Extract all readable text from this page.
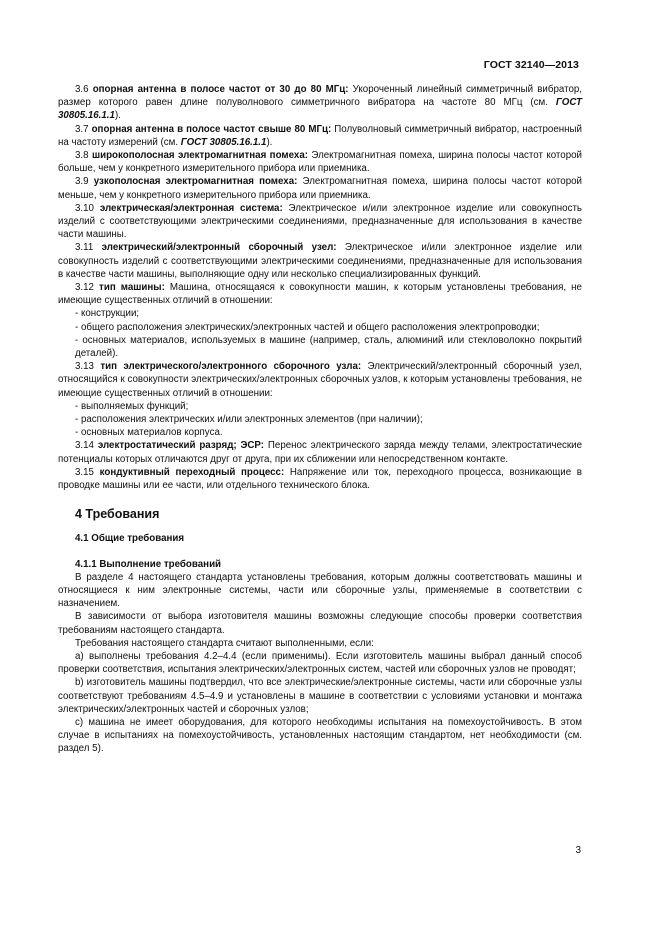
ГОСТ 32140—2013

3.6 опорная антенна в полосе частот от 30 до 80 МГц: Укороченный линейный симметричный вибратор, размер которого равен длине полуволнового симметричного вибратора на частоте 80 МГц (см. ГОСТ 30805.16.1.1).

3.7 опорная антенна в полосе частот свыше 80 МГц: Полуволновый симметричный вибратор, настроенный на частоту измерений (см. ГОСТ 30805.16.1.1).

3.8 широкополосная электромагнитная помеха: Электромагнитная помеха, ширина полосы частот которой больше, чем у конкретного измерительного прибора или приемника.

3.9 узкополосная электромагнитная помеха: Электромагнитная помеха, ширина полосы частот которой меньше, чем у конкретного измерительного прибора или приемника.

3.10 электрическая/электронная система: Электрическое и/или электронное изделие или совокупность изделий с соответствующими электрическими соединениями, предназначенные для использования в качестве части машины.

3.11 электрический/электронный сборочный узел: Электрическое и/или электронное изделие или совокупность изделий с соответствующими электрическими соединениями, предназначенные для использования в качестве части машины, выполняющие одну или несколько специализированных функций.

3.12 тип машины: Машина, относящаяся к совокупности машин, к которым установлены требования, не имеющие существенных отличий в отношении:

- конструкции;

- общего расположения электрических/электронных частей и общего расположения электропроводки;

- основных материалов, используемых в машине (например, сталь, алюминий или стекловолокно покрытий деталей).

3.13 тип электрического/электронного сборочного узла: Электрический/электронный сборочный узел, относящийся к совокупности электрических/электронных сборочных узлов, к которым установлены требования, не имеющие существенных отличий в отношении:

- выполняемых функций;

- расположения электрических и/или электронных элементов (при наличии);

- основных материалов корпуса.

3.14 электростатический разряд; ЭСР: Перенос электрического заряда между телами, электростатические потенциалы которых отличаются друг от друга, при их сближении или непосредственном контакте.

3.15 кондуктивный переходный процесс: Напряжение или ток, переходного процесса, возникающие в проводке машины или ее части, или отдельного технического блока.

4 Требования
4.1 Общие требования
4.1.1 Выполнение требований

В разделе 4 настоящего стандарта установлены требования, которым должны соответствовать машины и относящиеся к ним электронные системы, части или сборочные узлы, применяемые в соответствии с назначением.

В зависимости от выбора изготовителя машины возможны следующие способы проверки соответствия требованиям настоящего стандарта.

Требования настоящего стандарта считают выполненными, если:

а) выполнены требования 4.2–4.4 (если применимы). Если изготовитель машины выбрал данный способ проверки соответствия, испытания электрических/электронных систем, частей или сборочных узлов не проводят;

b) изготовитель машины подтвердил, что все электрические/электронные системы, части или сборочные узлы соответствуют требованиям 4.5–4.9 и установлены в машине в соответствии с условиями установки и монтажа электрических/электронных частей и сборочных узлов;

с) машина не имеет оборудования, для которого необходимы испытания на помехоустойчивость. В этом случае в испытаниях на помехоустойчивость, установленных настоящим стандартом, нет необходимости (см. раздел 5).

3
